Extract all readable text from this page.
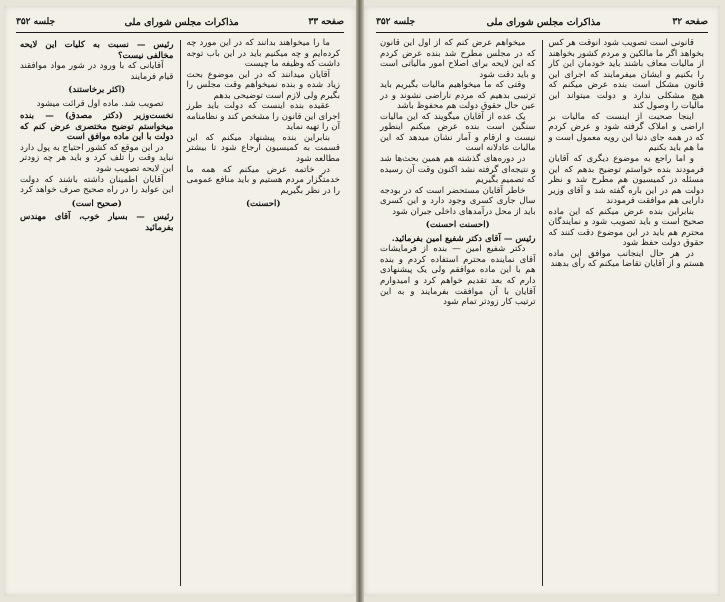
صفحه ۳۳
مذاکرات مجلس شورای ملی
جلسه ۳۵۲

ما را میخواهند بدانند که در این مورد چه کرده‌ایم و چه میکنیم باید در این باب توجه داشت که وظیفه ما چیست

آقایان میدانند که در این موضوع بحث زیاد شده و بنده نمیخواهم وقت مجلس را بگیرم ولی لازم است توضیحی بدهم

عقیده بنده اینست که دولت باید طرز اجرای این قانون را مشخص کند و نظامنامه آن را تهیه نماید

بنابراین بنده پیشنهاد میکنم که این قسمت به کمیسیون ارجاع شود تا بیشتر مطالعه شود

در خاتمه عرض میکنم که همه ما خدمتگزار مردم هستیم و باید منافع عمومی را در نظر بگیریم

(احسنت)

رئیس — نسبت به کلیات این لایحه مخالفی نیست؟

آقایانی که با ورود در شور مواد موافقند قیام فرمایند

(اکثر برخاستند)

تصویب شد. ماده اول قرائت میشود

نخست‌وزیر (دکتر مصدق) — بنده میخواستم توضیح مختصری عرض کنم که دولت با این ماده موافق است

در این موقع که کشور احتیاج به پول دارد نباید وقت را تلف کرد و باید هر چه زودتر این لایحه تصویب شود

آقایان اطمینان داشته باشند که دولت این عواید را در راه صحیح صرف خواهد کرد

(صحیح است)

رئیس — بسیار خوب، آقای مهندس بفرمائید

صفحه ۳۲
مذاکرات مجلس شورای ملی
جلسه ۳۵۲

قانونی است تصویب شود آنوقت هر کس بخواهد اگر ما مالکین و مردم کشور بخواهند از مالیات معاف باشند باید خودمان این کار را بکنیم و ایشان میفرمایند که اجرای این قانون مشکل است بنده عرض میکنم که هیچ مشکلی ندارد و دولت میتواند این مالیات را وصول کند

اینجا صحبت از اینست که مالیات بر اراضی و املاک گرفته شود و عرض کردم که در همه جای دنیا این رویه معمول است و ما هم باید بکنیم

و اما راجع به موضوع دیگری که آقایان فرمودند بنده خواستم توضیح بدهم که این مسئله در کمیسیون هم مطرح شد و نظر دولت هم در این باره گفته شد و آقای وزیر دارایی هم موافقت فرمودند

بنابراین بنده عرض میکنم که این ماده صحیح است و باید تصویب شود و نمایندگان محترم هم باید در این موضوع دقت کنند که حقوق دولت حفظ شود

در هر حال اینجانب موافق این ماده هستم و از آقایان تقاضا میکنم که رأی بدهند

میخواهم عرض کنم که از اول این قانون که در مجلس مطرح شد بنده عرض کردم که این لایحه برای اصلاح امور مالیاتی است و باید دقت شود

وقتی که ما میخواهیم مالیات بگیریم باید ترتیبی بدهیم که مردم ناراضی نشوند و در عین حال حقوق دولت هم محفوظ باشد

یک عده از آقایان میگویند که این مالیات سنگین است بنده عرض میکنم اینطور نیست و ارقام و آمار نشان میدهد که این مالیات عادلانه است

در دوره‌های گذشته هم همین بحث‌ها شد و نتیجه‌ای گرفته نشد اکنون وقت آن رسیده که تصمیم بگیریم

خاطر آقایان مستحضر است که در بودجه سال جاری کسری وجود دارد و این کسری باید از محل درآمدهای داخلی جبران شود

(احسنت احسنت)

رئیس — آقای دکتر شفیع امین بفرمائید.

دکتر شفیع امین — بنده از فرمایشات آقای نماینده محترم استفاده کردم و بنده هم با این ماده موافقم ولی یک پیشنهادی دارم که بعد تقدیم خواهم کرد و امیدوارم آقایان با آن موافقت بفرمایند و به این ترتیب کار زودتر تمام شود
